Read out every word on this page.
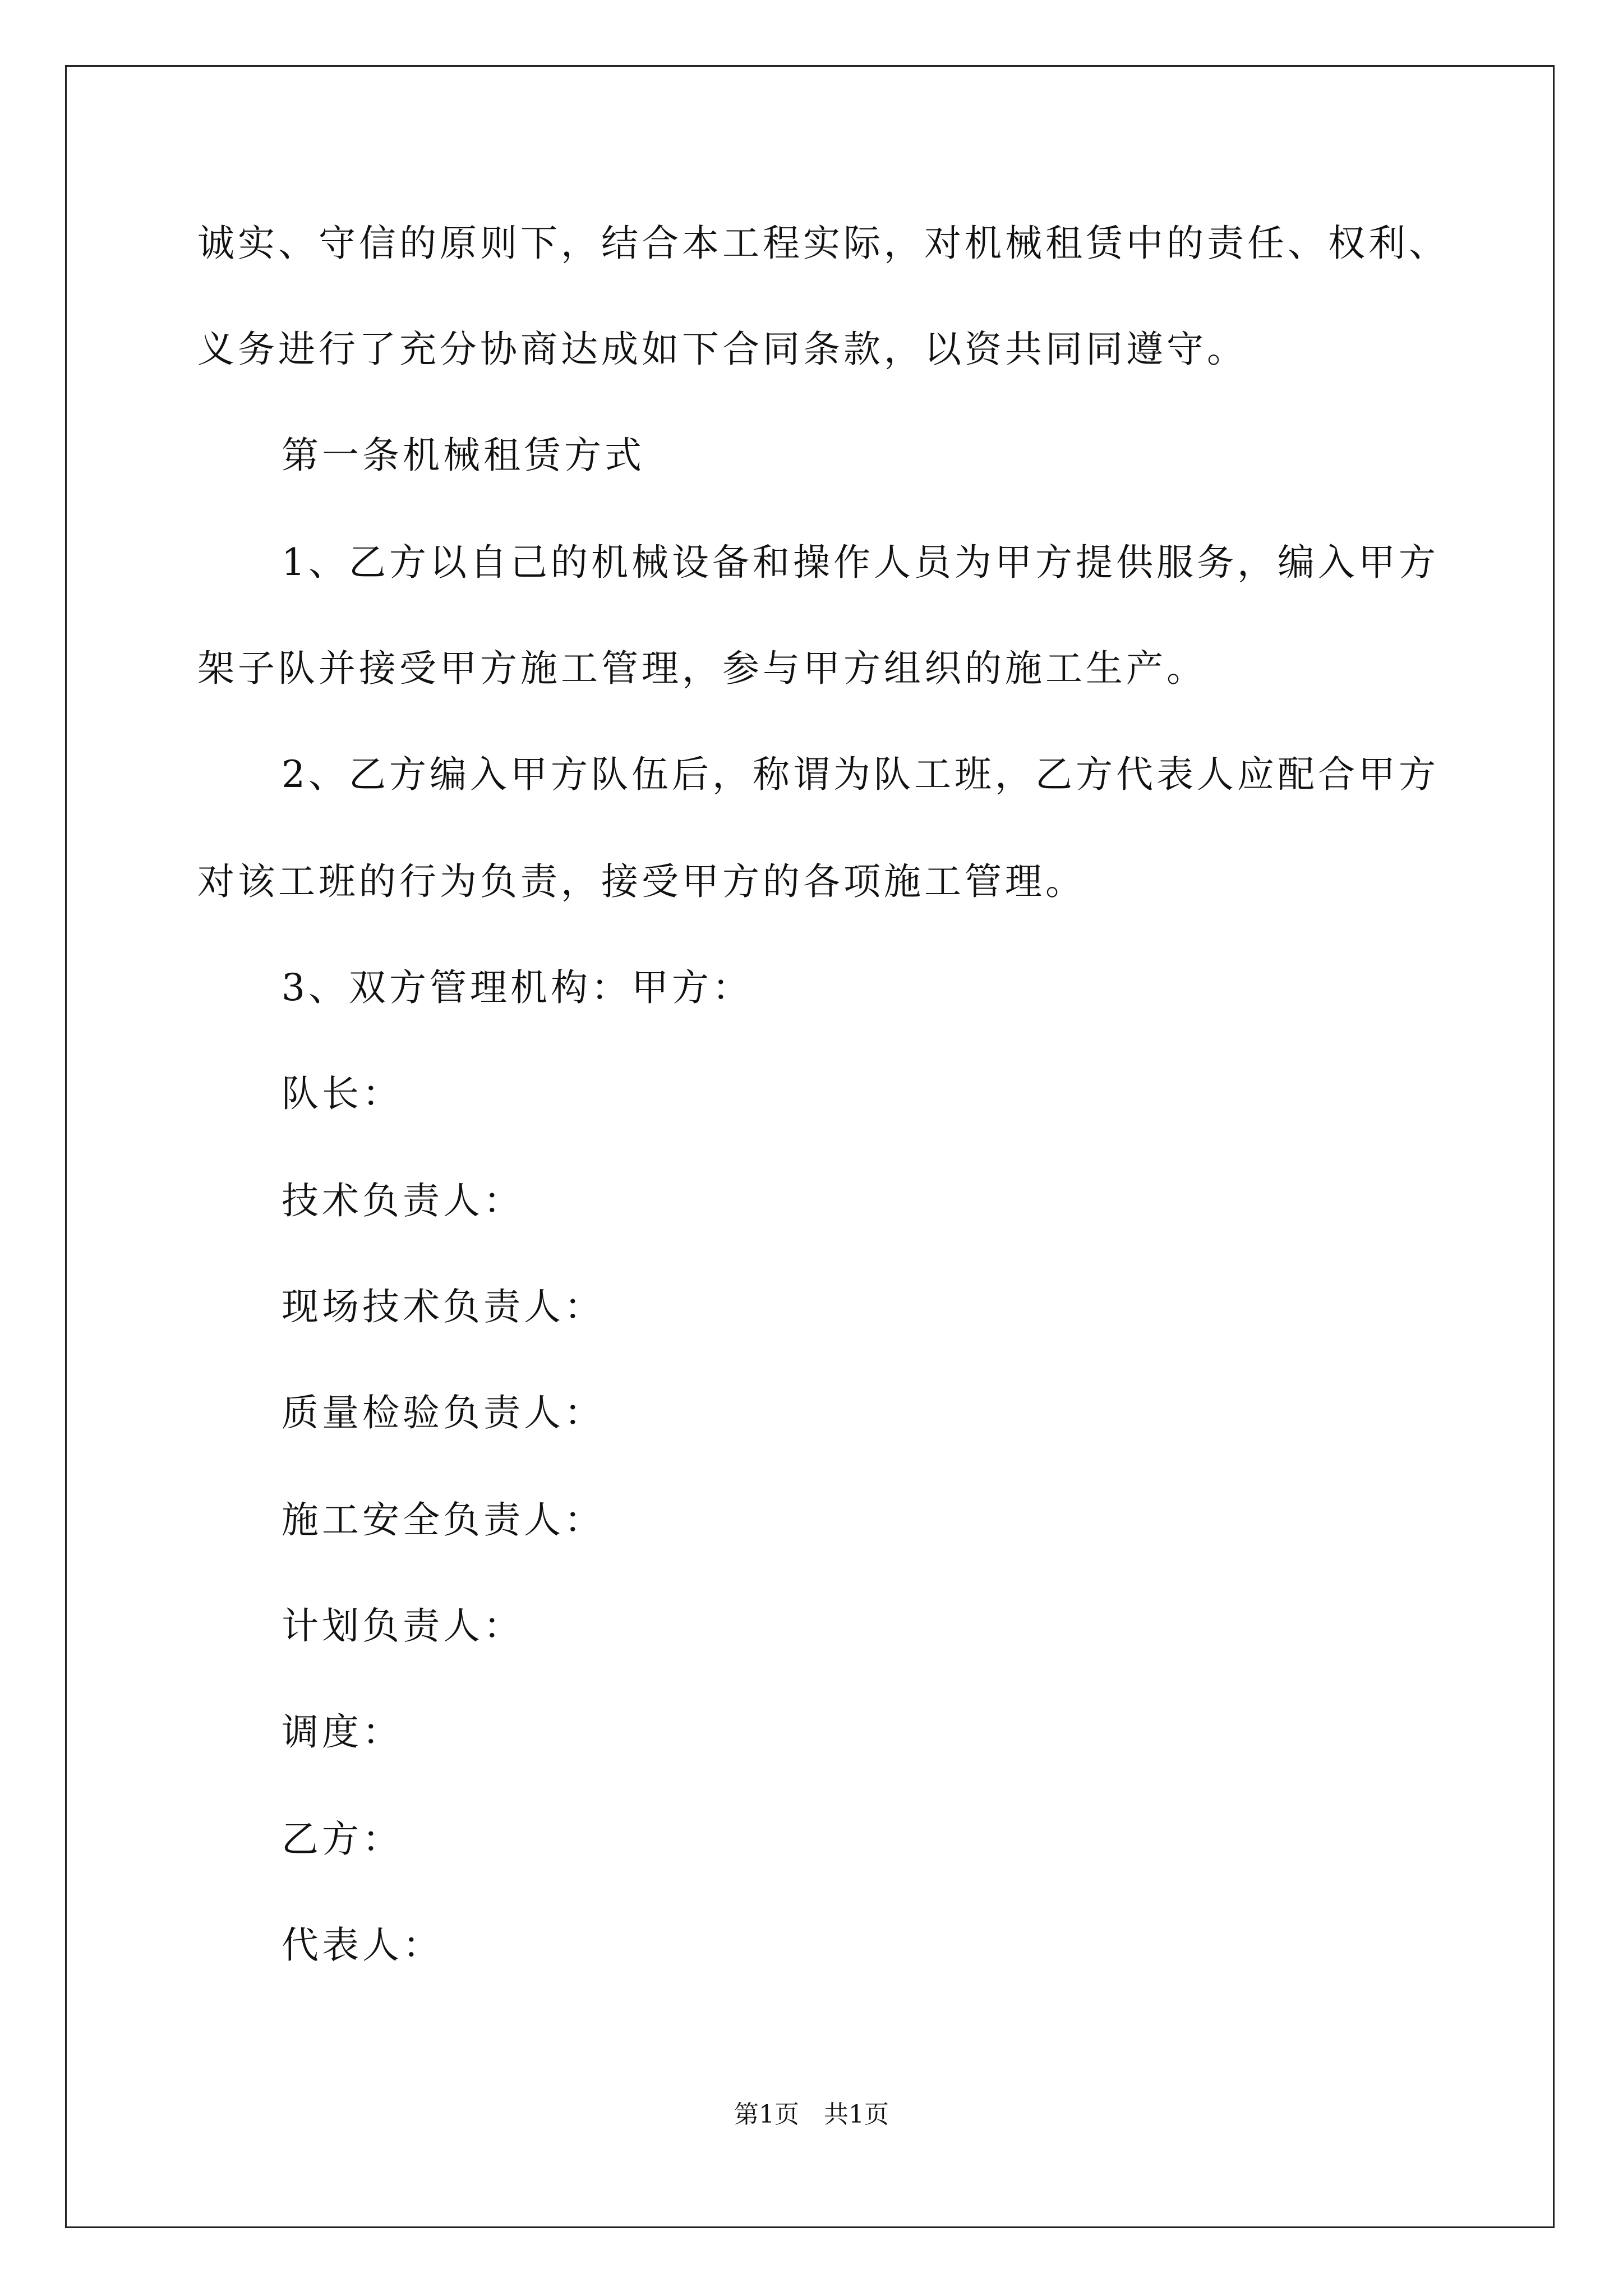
诚实、守信的原则下，结合本工程实际，对机械租赁中的责任、权利、
义务进行了充分协商达成如下合同条款，以资共同同遵守。
第一条机械租赁方式
1、乙方以自己的机械设备和操作人员为甲方提供服务，编入甲方
架子队并接受甲方施工管理，参与甲方组织的施工生产。
2、乙方编入甲方队伍后，称谓为队工班，乙方代表人应配合甲方
对该工班的行为负责，接受甲方的各项施工管理。
3、双方管理机构：甲方：
队长：
技术负责人：
现场技术负责人：
质量检验负责人：
施工安全负责人：
计划负责人：
调度：
乙方：
代表人：
第1页　共1页
